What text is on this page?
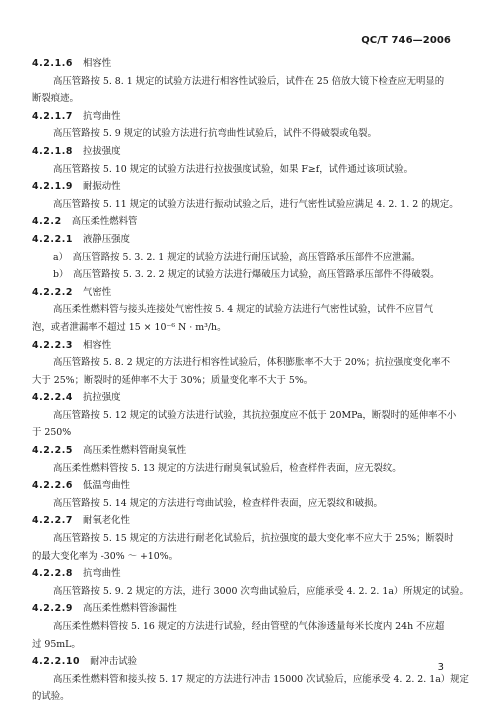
QC/T 746—2006
4.2.1.6 相容性
高压管路按 5. 8. 1 规定的试验方法进行相容性试验后，试件在 25 倍放大镜下检查应无明显的
断裂痕迹。
4.2.1.7 抗弯曲性
高压管路按 5. 9 规定的试验方法进行抗弯曲性试验后，试件不得破裂或龟裂。
4.2.1.8 拉拔强度
高压管路按 5. 10 规定的试验方法进行拉拔强度试验，如果 F≥f，试件通过该项试验。
4.2.1.9 耐振动性
高压管路按 5. 11 规定的试验方法进行振动试验之后，进行气密性试验应满足 4. 2. 1. 2 的规定。
4.2.2 高压柔性燃料管
4.2.2.1 液静压强度
a）　高压管路按 5. 3. 2. 1 规定的试验方法进行耐压试验，高压管路承压部件不应泄漏。
b）　高压管路按 5. 3. 2. 2 规定的试验方法进行爆破压力试验，高压管路承压部件不得破裂。
4.2.2.2 气密性
高压柔性燃料管与接头连接处气密性按 5. 4 规定的试验方法进行气密性试验，试件不应冒气
泡，或者泄漏率不超过 15 × 10⁻⁶ N · m³/h。
4.2.2.3 相容性
高压管路按 5. 8. 2 规定的方法进行相容性试验后，体积膨胀率不大于 20%；抗拉强度变化率不
大于 25%；断裂时的延伸率不大于 30%；质量变化率不大于 5%。
4.2.2.4 抗拉强度
高压管路按 5. 12 规定的试验方法进行试验，其抗拉强度应不低于 20MPa，断裂时的延伸率不小
于 250%
4.2.2.5 高压柔性燃料管耐臭氧性
高压柔性燃料管按 5. 13 规定的方法进行耐臭氧试验后，检查样件表面，应无裂纹。
4.2.2.6 低温弯曲性
高压管路按 5. 14 规定的方法进行弯曲试验，检查样件表面，应无裂纹和破损。
4.2.2.7 耐氧老化性
高压管路按 5. 15 规定的方法进行耐老化试验后，抗拉强度的最大变化率不应大于 25%；断裂时
的最大变化率为 -30% ～ +10%。
4.2.2.8 抗弯曲性
高压管路按 5. 9. 2 规定的方法，进行 3000 次弯曲试验后，应能承受 4. 2. 2. 1a）所规定的试验。
4.2.2.9 高压柔性燃料管渗漏性
高压柔性燃料管按 5. 16 规定的方法进行试验，经由管壁的气体渗透量每米长度内 24h 不应超
过 95mL。
4.2.2.10 耐冲击试验
高压柔性燃料管和接头按 5. 17 规定的方法进行冲击 15000 次试验后，应能承受 4. 2. 2. 1a）规定
的试验。
3
